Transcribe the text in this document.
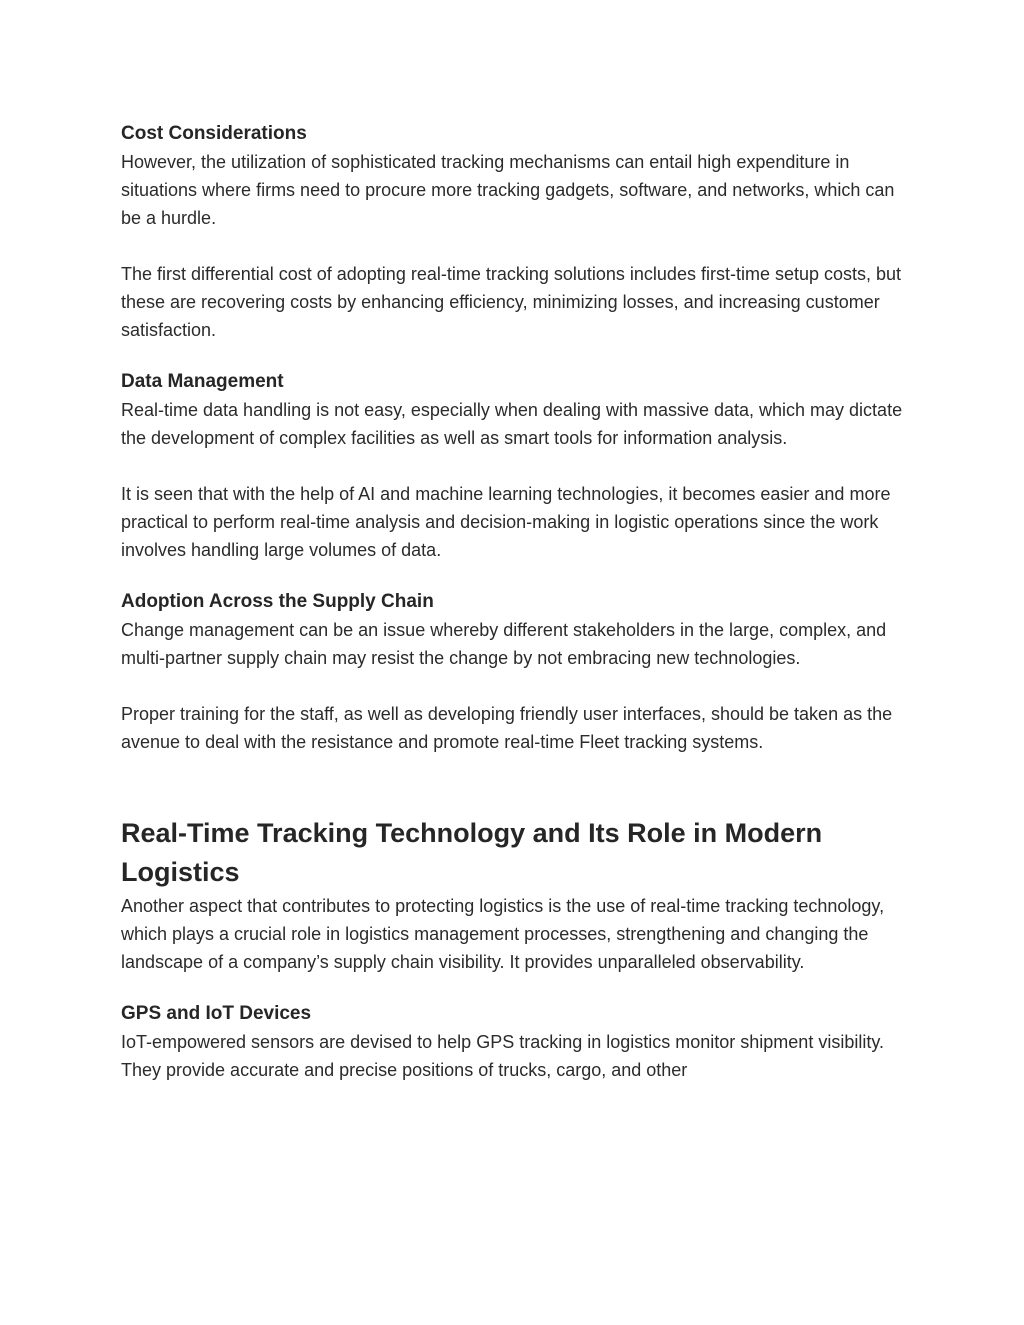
Cost Considerations

However, the utilization of sophisticated tracking mechanisms can entail high expenditure in situations where firms need to procure more tracking gadgets, software, and networks, which can be a hurdle.

The first differential cost of adopting real-time tracking solutions includes first-time setup costs, but these are recovering costs by enhancing efficiency, minimizing losses, and increasing customer satisfaction.

Data Management

Real-time data handling is not easy, especially when dealing with massive data, which may dictate the development of complex facilities as well as smart tools for information analysis.

It is seen that with the help of AI and machine learning technologies, it becomes easier and more practical to perform real-time analysis and decision-making in logistic operations since the work involves handling large volumes of data.

Adoption Across the Supply Chain

Change management can be an issue whereby different stakeholders in the large, complex, and multi-partner supply chain may resist the change by not embracing new technologies.

Proper training for the staff, as well as developing friendly user interfaces, should be taken as the avenue to deal with the resistance and promote real-time Fleet tracking systems.

Real-Time Tracking Technology and Its Role in Modern Logistics

Another aspect that contributes to protecting logistics is the use of real-time tracking technology, which plays a crucial role in logistics management processes, strengthening and changing the landscape of a company’s supply chain visibility. It provides unparalleled observability.

GPS and IoT Devices

IoT-empowered sensors are devised to help GPS tracking in logistics monitor shipment visibility. They provide accurate and precise positions of trucks, cargo, and other
